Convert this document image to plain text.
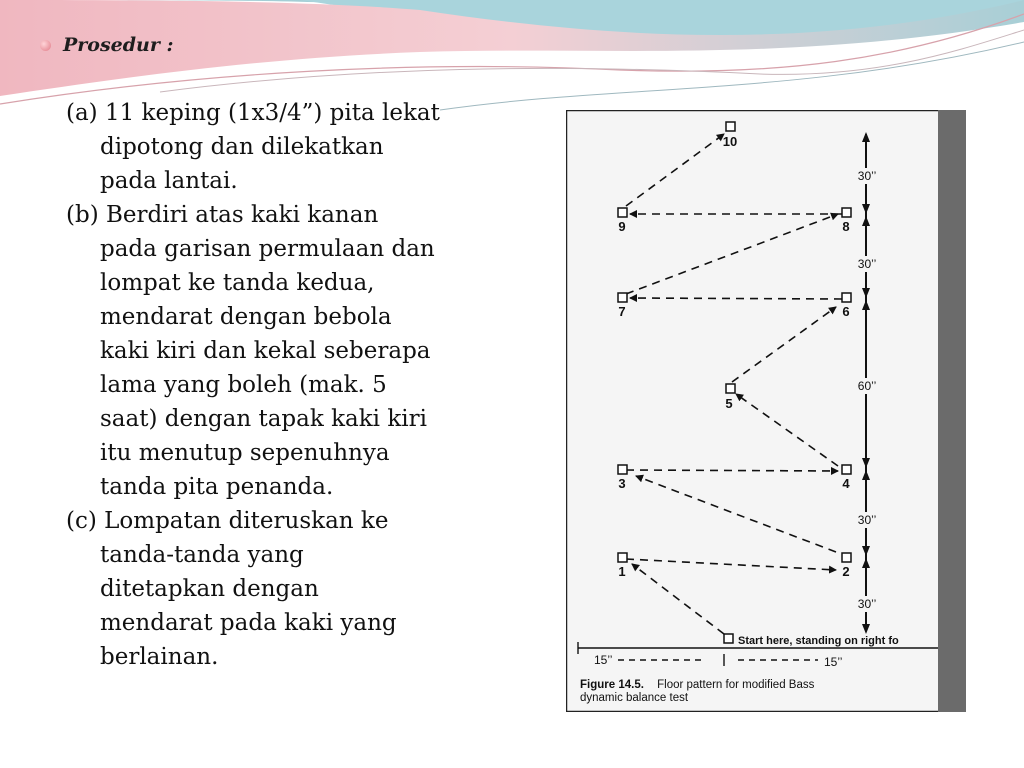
Prosedur :
(a) 11 keping (1x3/4”) pita lekat
dipotong dan dilekatkan
pada lantai.
(b) Berdiri atas kaki kanan
pada garisan permulaan dan
lompat ke tanda kedua,
mendarat dengan bebola
kaki kiri dan kekal seberapa
lama yang boleh (mak. 5
saat) dengan tapak kaki kiri
itu menutup sepenuhnya
tanda pita penanda.
(c) Lompatan diteruskan ke
tanda-tanda yang
ditetapkan dengan
mendarat pada kaki yang
berlainan.
30’’
30’’
60’’
30’’
30’’
10
8
9
6
7
5
4
3
2
1
Start here, standing on right fo
15’’	15’’
Figure 14.5. Floor pattern for modified Bass
dynamic balance test
